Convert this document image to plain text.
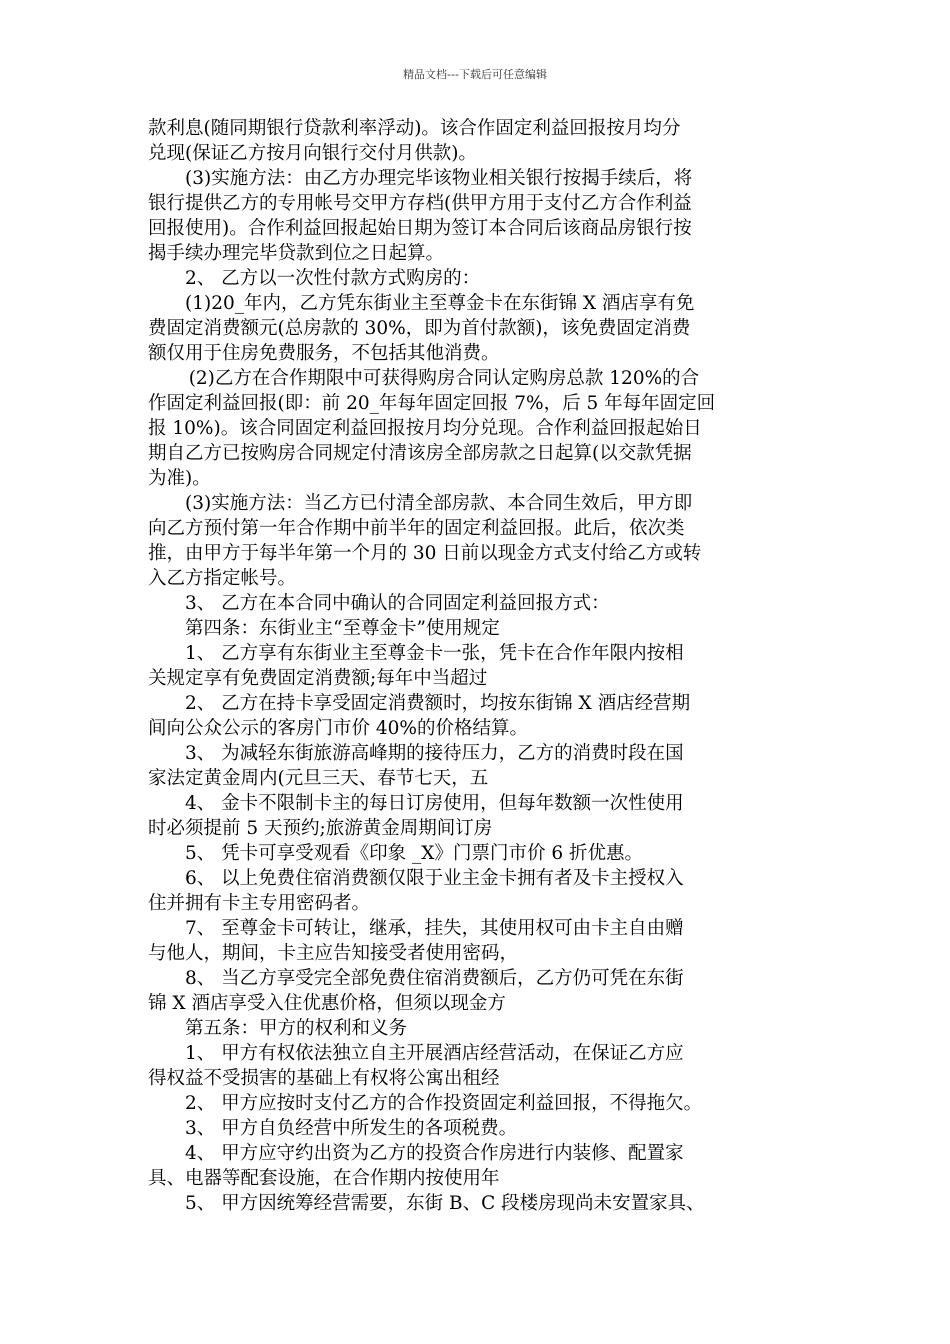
精品文档---下载后可任意编辑
款利息(随同期银行贷款利率浮动)。该合作固定利益回报按月均分
兑现(保证乙方按月向银行交付月供款)。
(3)实施方法：由乙方办理完毕该物业相关银行按揭手续后，将
银行提供乙方的专用帐号交甲方存档(供甲方用于支付乙方合作利益
回报使用)。合作利益回报起始日期为签订本合同后该商品房银行按
揭手续办理完毕贷款到位之日起算。
2、 乙方以一次性付款方式购房的：
(1)20_年内，乙方凭东街业主至尊金卡在东街锦 X 酒店享有免
费固定消费额元(总房款的 30%，即为首付款额)，该免费固定消费
额仅用于住房免费服务，不包括其他消费。
(2)乙方在合作期限中可获得购房合同认定购房总款 120%的合
作固定利益回报(即：前 20_年每年固定回报 7%，后 5 年每年固定回
报 10%)。该合同固定利益回报按月均分兑现。合作利益回报起始日
期自乙方已按购房合同规定付清该房全部房款之日起算(以交款凭据
为准)。
(3)实施方法：当乙方已付清全部房款、本合同生效后，甲方即
向乙方预付第一年合作期中前半年的固定利益回报。此后，依次类
推，由甲方于每半年第一个月的 30 日前以现金方式支付给乙方或转
入乙方指定帐号。
3、 乙方在本合同中确认的合同固定利益回报方式：
第四条：东街业主“至尊金卡”使用规定
1、 乙方享有东街业主至尊金卡一张，凭卡在合作年限内按相
关规定享有免费固定消费额;每年中当超过
2、 乙方在持卡享受固定消费额时，均按东街锦 X 酒店经营期
间向公众公示的客房门市价 40%的价格结算。
3、 为减轻东街旅游高峰期的接待压力，乙方的消费时段在国
家法定黄金周内(元旦三天、春节七天，五
4、 金卡不限制卡主的每日订房使用，但每年数额一次性使用
时必须提前 5 天预约;旅游黄金周期间订房
5、 凭卡可享受观看《印象 _X》门票门市价 6 折优惠。
6、 以上免费住宿消费额仅限于业主金卡拥有者及卡主授权入
住并拥有卡主专用密码者。
7、 至尊金卡可转让，继承，挂失，其使用权可由卡主自由赠
与他人，期间，卡主应告知接受者使用密码，
8、 当乙方享受完全部免费住宿消费额后，乙方仍可凭在东街
锦 X 酒店享受入住优惠价格，但须以现金方
第五条：甲方的权利和义务
1、 甲方有权依法独立自主开展酒店经营活动，在保证乙方应
得权益不受损害的基础上有权将公寓出租经
2、 甲方应按时支付乙方的合作投资固定利益回报，不得拖欠。
3、 甲方自负经营中所发生的各项税费。
4、 甲方应守约出资为乙方的投资合作房进行内装修、配置家
具、电器等配套设施，在合作期内按使用年
5、 甲方因统筹经营需要，东街 B、C 段楼房现尚未安置家具、
